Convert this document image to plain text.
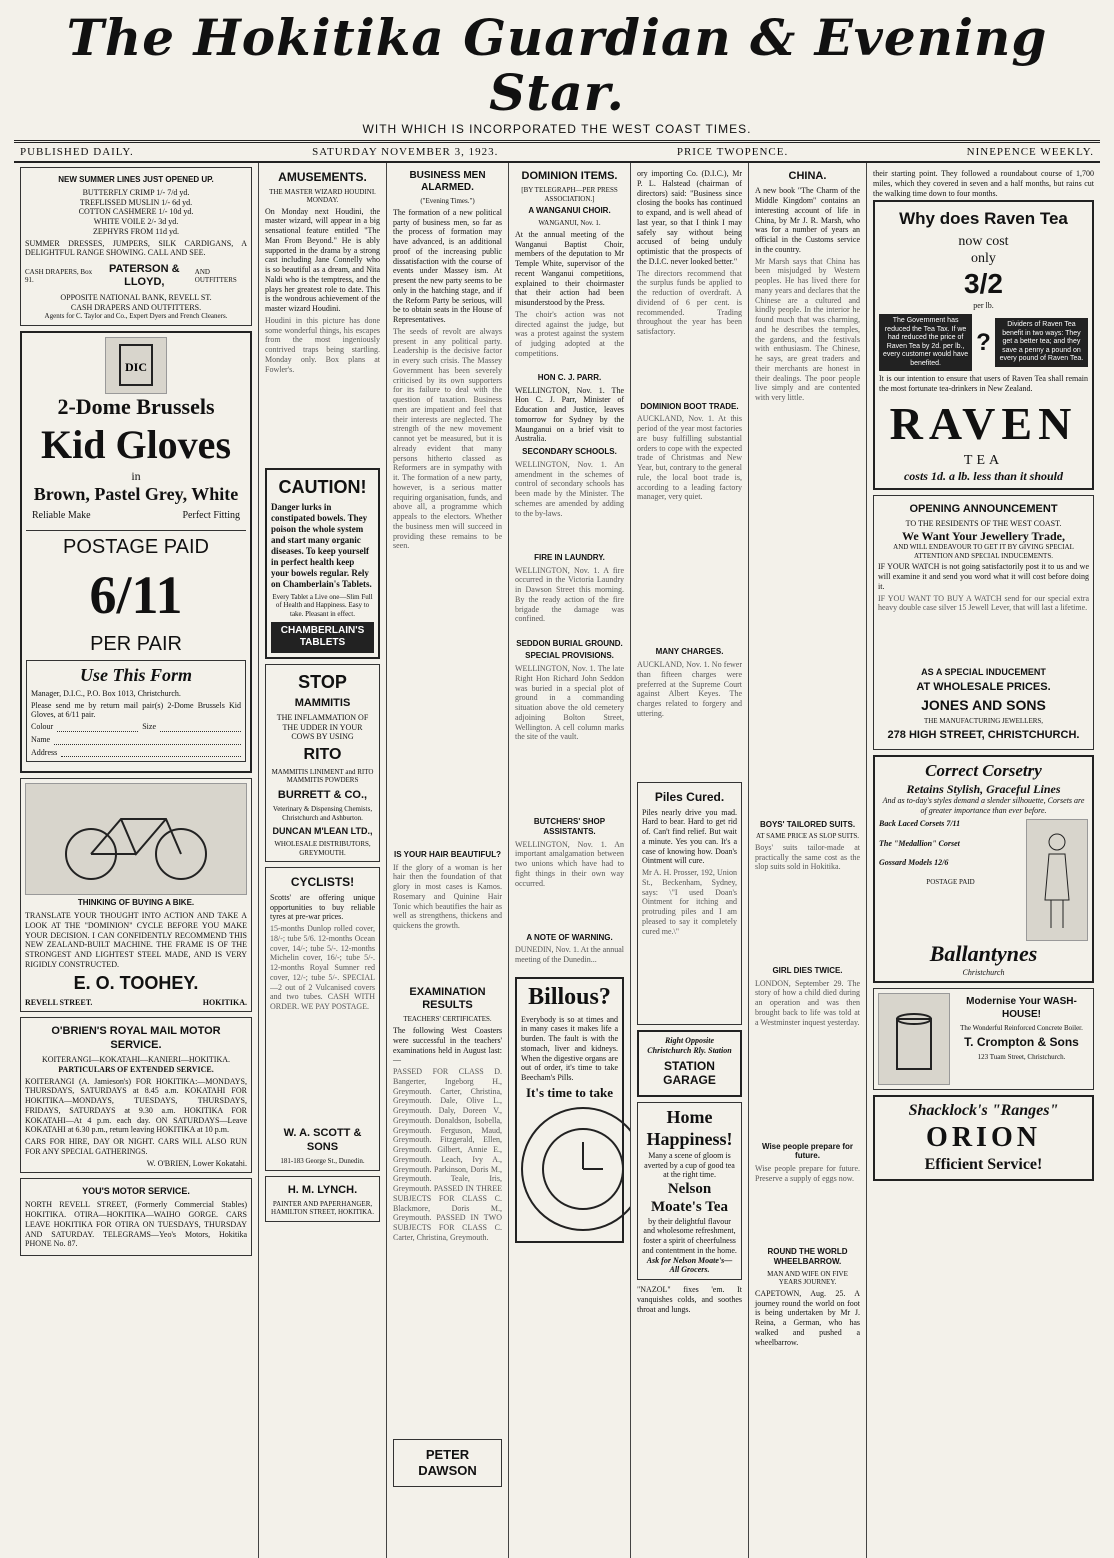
The Hokitika Guardian & Evening Star.
WITH WHICH IS INCORPORATED THE WEST COAST TIMES.
PUBLISHED DAILY.	SATURDAY NOVEMBER 3, 1923.	PRICE TWOPENCE.	NINEPENCE WEEKLY.
NEW SUMMER LINES JUST OPENED UP.
BUTTERFLY CRIMP 1/- 7/d yd.
TREFLISSED MUSLIN 1/- 6d yd.
COTTON CASHMERE 1/- 10d yd.
WHITE VOILE 2/- 3d yd.
ZEPHYRS FROM 11d yd.
SUMMER DRESSES, JUMPERS, SILK CARDIGANS, A DELIGHTFUL RANGE SHOWING. CALL AND SEE.
CASH DRAPERS, Box 91.
PATERSON & LLOYD,
AND OUTFITTERS
OPPOSITE NATIONAL BANK, REVELL ST.
CASH DRAPERS AND OUTFITTERS.
Agents for C. Taylor and Co., Expert Dyers and French Cleaners.
DIC
2-Dome Brussels
Kid Gloves
in
Brown, Pastel Grey, White
Reliable Make	Perfect Fitting
POSTAGE PAID
6/11
PER PAIR
Use This Form
Manager, D.I.C., P.O. Box 1013, Christchurch.
Please send me by return mail pair(s) 2-Dome Brussels Kid Gloves, at 6/11 pair.
Colour	Size
Name
Address
THINKING OF BUYING A BIKE.
TRANSLATE YOUR THOUGHT INTO ACTION AND TAKE A LOOK AT THE "DOMINION" CYCLE BEFORE YOU MAKE YOUR DECISION. I CAN CONFIDENTLY RECOMMEND THIS NEW ZEALAND-BUILT MACHINE. THE FRAME IS OF THE STRONGEST AND LIGHTEST STEEL MADE, AND IS VERY RIGIDLY CONSTRUCTED.
E. O. TOOHEY.
REVELL STREET.	HOKITIKA.
O'BRIEN'S ROYAL MAIL MOTOR SERVICE.
KOITERANGI—KOKATAHI—KANIERI—HOKITIKA.
PARTICULARS OF EXTENDED SERVICE.
KOITERANGI (A. Jamieson's) FOR HOKITIKA:—MONDAYS, THURSDAYS, SATURDAYS at 8.45 a.m. KOKATAHI FOR HOKITIKA—MONDAYS, TUESDAYS, THURSDAYS, FRIDAYS, SATURDAYS at 9.30 a.m. HOKITIKA FOR KOKATAHI—At 4 p.m. each day. ON SATURDAYS—Leave KOKATAHI at 6.30 p.m., return leaving HOKITIKA at 10 p.m.
CARS FOR HIRE, DAY OR NIGHT. CARS WILL ALSO RUN FOR ANY SPECIAL GATHERINGS.
W. O'BRIEN, Lower Kokatahi.
YOU'S MOTOR SERVICE.
NORTH REVELL STREET, (Formerly Commercial Stables) HOKITIKA. OTIRA—HOKITIKA—WAIHO GORGE. CARS LEAVE HOKITIKA FOR OTIRA ON TUESDAYS, THURSDAY AND SATURDAY. TELEGRAMS—Yeo's Motors, Hokitika PHONE No. 87.
AMUSEMENTS.
THE MASTER WIZARD HOUDINI. MONDAY.
On Monday next Houdini, the master wizard, will appear in a big sensational feature entitled "The Man From Beyond." He is ably supported in the drama by a strong cast including Jane Connelly who is so beautiful as a dream, and Nita Naldi who is the temptress, and the plays her greatest role to date. This is the wondrous achievement of the master wizard Houdini.
Houdini in this picture has done some wonderful things, his escapes from the most ingeniously contrived traps being startling. Monday only. Box plans at Fowler's.
CAUTION!
Danger lurks in constipated bowels. They poison the whole system and start many organic diseases. To keep yourself in perfect health keep your bowels regular. Rely on Chamberlain's Tablets.
Every Tablet a Live one—Slim Full of Health and Happiness. Easy to take. Pleasant in effect.
CHAMBERLAIN'S TABLETS
STOP
MAMMITIS
THE INFLAMMATION OF THE UDDER IN YOUR COWS BY USING
RITO
MAMMITIS LINIMENT and RITO MAMMITIS POWDERS
BURRETT & CO.,
Veterinary & Dispensing Chemists, Christchurch and Ashburton.
DUNCAN M'LEAN LTD.,
WHOLESALE DISTRIBUTORS, GREYMOUTH.
CYCLISTS!
Scotts' are offering unique opportunities to buy reliable tyres at pre-war prices.
15-months Dunlop rolled cover, 18/-; tube 5/6. 12-months Ocean cover, 14/-; tube 5/-. 12-months Michelin cover, 16/-; tube 5/-. 12-months Royal Sumner red cover, 12/-; tube 5/-. SPECIAL—2 out of 2 Vulcanised covers and two tubes. CASH WITH ORDER. WE PAY POSTAGE.
W. A. SCOTT & SONS
181-183 George St., Dunedin.
H. M. LYNCH.
PAINTER AND PAPERHANGER, HAMILTON STREET, HOKITIKA.
BUSINESS MEN ALARMED.
("Evening Times.")
The formation of a new political party of business men, so far as the process of formation may have advanced, is an additional proof of the increasing public dissatisfaction with the course of events under Massey ism. At present the new party seems to be only in the hatching stage, and if the Reform Party be serious, will be to obtain seats in the House of Representatives.
The seeds of revolt are always present in any political party. Leadership is the decisive factor in every such crisis. The Massey Government has been severely criticised by its own supporters for its failure to deal with the question of taxation. Business men are impatient and feel that their interests are neglected. The strength of the new movement cannot yet be measured, but it is already evident that many persons hitherto classed as Reformers are in sympathy with it. The formation of a new party, however, is a serious matter requiring organisation, funds, and above all, a programme which appeals to the electors. Whether the business men will succeed in providing these remains to be seen.
IS YOUR HAIR BEAUTIFUL?
If the glory of a woman is her hair then the foundation of that glory in most cases is Kamos. Rosemary and Quinine Hair Tonic which beautifies the hair as well as strengthens, thickens and quickens the growth.
EXAMINATION RESULTS
TEACHERS' CERTIFICATES.
The following West Coasters were successful in the teachers' examinations held in August last:—
PASSED FOR CLASS D. Bangerter, Ingeborg H., Greymouth. Carter, Christina, Greymouth. Dale, Olive L., Greymouth. Daly, Doreen V., Greymouth. Donaldson, Isobella, Greymouth. Ferguson, Maud, Greymouth. Fitzgerald, Ellen, Greymouth. Gilbert, Annie E., Greymouth. Leach, Ivy A., Greymouth. Parkinson, Doris M., Greymouth. Teale, Iris, Greymouth. PASSED IN THREE SUBJECTS FOR CLASS C. Blackmore, Doris M., Greymouth. PASSED IN TWO SUBJECTS FOR CLASS C. Carter, Christina, Greymouth.
PETER DAWSON
DOMINION ITEMS.
[BY TELEGRAPH—PER PRESS ASSOCIATION.]
A WANGANUI CHOIR.
WANGANUI, Nov. 1.
At the annual meeting of the Wanganui Baptist Choir, members of the deputation to Mr Temple White, supervisor of the recent Wanganui competitions, explained to their choirmaster that their action had been misunderstood by the Press.
The choir's action was not directed against the judge, but was a protest against the system of judging adopted at the competitions.
HON C. J. PARR.
WELLINGTON, Nov. 1. The Hon C. J. Parr, Minister of Education and Justice, leaves tomorrow for Sydney by the Maunganui on a brief visit to Australia.
SECONDARY SCHOOLS.
WELLINGTON, Nov. 1. An amendment in the schemes of control of secondary schools has been made by the Minister. The schemes are amended by adding to the by-laws.
FIRE IN LAUNDRY.
WELLINGTON, Nov. 1. A fire occurred in the Victoria Laundry in Dawson Street this morning. By the ready action of the fire brigade the damage was confined.
SEDDON BURIAL GROUND.
SPECIAL PROVISIONS.
WELLINGTON, Nov. 1. The late Right Hon Richard John Seddon was buried in a special plot of ground in a commanding situation above the old cemetery adjoining Bolton Street, Wellington. A cell column marks the site of the vault.
BUTCHERS' SHOP ASSISTANTS.
WELLINGTON, Nov. 1. An important amalgamation between two unions which have had to fight things in their own way occurred.
A NOTE OF WARNING.
DUNEDIN, Nov. 1. At the annual meeting of the Dunedin...
Billous?
Everybody is so at times and in many cases it makes life a burden. The fault is with the stomach, liver and kidneys. When the digestive organs are out of order, it's time to take Beecham's Pills.
It's time to take
ory importing Co. (D.I.C.), Mr P. L. Halstead (chairman of directors) said: "Business since closing the books has continued to expand, and is well ahead of last year, so that I think I may safely say without being accused of being unduly optimistic that the prospects of the D.I.C. never looked better."
The directors recommend that the surplus funds be applied to the reduction of overdraft. A dividend of 6 per cent. is recommended. Trading throughout the year has been satisfactory.
DOMINION BOOT TRADE.
AUCKLAND, Nov. 1. At this period of the year most factories are busy fulfilling substantial orders to cope with the expected trade of Christmas and New Year, but, contrary to the general rule, the local boot trade is, according to a leading factory manager, very quiet.
MANY CHARGES.
AUCKLAND, Nov. 1. No fewer than fifteen charges were preferred at the Supreme Court against Albert Keyes. The charges related to forgery and uttering.
Piles Cured.
Piles nearly drive you mad. Hard to bear. Hard to get rid of. Can't find relief. But wait a minute. Yes you can. It's a case of knowing how. Doan's Ointment will cure.
Mr A. H. Prosser, 192, Union St., Beckenham, Sydney, says: \"I used Doan's Ointment for itching and protruding piles and I am pleased to say it completely cured me.\"
Right Opposite Christchurch Rly. Station
STATION GARAGE
Home Happiness!
Many a scene of gloom is averted by a cup of good tea at the right time.
Nelson Moate's Tea
by their delightful flavour and wholesome refreshment, foster a spirit of cheerfulness and contentment in the home.
Ask for Nelson Moate's— All Grocers.
"NAZOL" fixes 'em. It vanquishes colds, and soothes throat and lungs.
CHINA.
A new book "The Charm of the Middle Kingdom" contains an interesting account of life in China, by Mr J. R. Marsh, who was for a number of years an official in the Customs service in the country.
Mr Marsh says that China has been misjudged by Western peoples. He has lived there for many years and declares that the Chinese are a cultured and kindly people. In the interior he found much that was charming, and he describes the temples, the gardens, and the festivals with enthusiasm. The Chinese, he says, are great traders and their merchants are honest in their dealings. The poor people live simply and are contented with very little.
BOYS' TAILORED SUITS.
AT SAME PRICE AS SLOP SUITS.
Boys' suits tailor-made at practically the same cost as the slop suits sold in Hokitika.
GIRL DIES TWICE.
LONDON, September 29. The story of how a child died during an operation and was then brought back to life was told at a Westminster inquest yesterday.
Wise people prepare for future.
Wise people prepare for future. Preserve a supply of eggs now.
ROUND THE WORLD WHEELBARROW.
MAN AND WIFE ON FIVE YEARS JOURNEY.
CAPETOWN, Aug. 25. A journey round the world on foot is being undertaken by Mr J. Reina, a German, who has walked and pushed a wheelbarrow.
their starting point. They followed a roundabout course of 1,700 miles, which they covered in seven and a half months, but rains cut the walking time down to four months.
Why does Raven Tea
now cost
only
3/2
per lb.
The Government has reduced the Tea Tax. If we had reduced the price of Raven Tea by 2d. per lb., every customer would have benefited.
?
Dividers of Raven Tea benefit in two ways: They get a better tea; and they save a penny a pound on every pound of Raven Tea.
It is our intention to ensure that users of Raven Tea shall remain the most fortunate tea-drinkers in New Zealand.
RAVEN
TEA
costs 1d. a lb. less than it should
OPENING ANNOUNCEMENT
TO THE RESIDENTS OF THE WEST COAST.
We Want Your Jewellery Trade,
AND WILL ENDEAVOUR TO GET IT BY GIVING SPECIAL ATTENTION AND SPECIAL INDUCEMENTS.
IF YOUR WATCH is not going satisfactorily post it to us and we will examine it and send you word what it will cost before doing it.
IF YOU WANT TO BUY A WATCH send for our special extra heavy double case silver 15 Jewell Lever, that will last a lifetime.
AS A SPECIAL INDUCEMENT
AT WHOLESALE PRICES.
JONES AND SONS
THE MANUFACTURING JEWELLERS,
278 HIGH STREET, CHRISTCHURCH.
Correct Corsetry
Retains Stylish, Graceful Lines
And as to-day's styles demand a slender silhouette, Corsets are of greater importance than ever before.
Back Laced Corsets 7/11
The "Medallion" Corset
Gossard Models 12/6
POSTAGE PAID
Ballantynes
Christchurch
Modernise Your WASH-HOUSE!
The Wonderful Reinforced Concrete Boiler.
T. Crompton & Sons
123 Tuam Street, Christchurch.
Shacklock's "Ranges"
ORION
Efficient Service!
